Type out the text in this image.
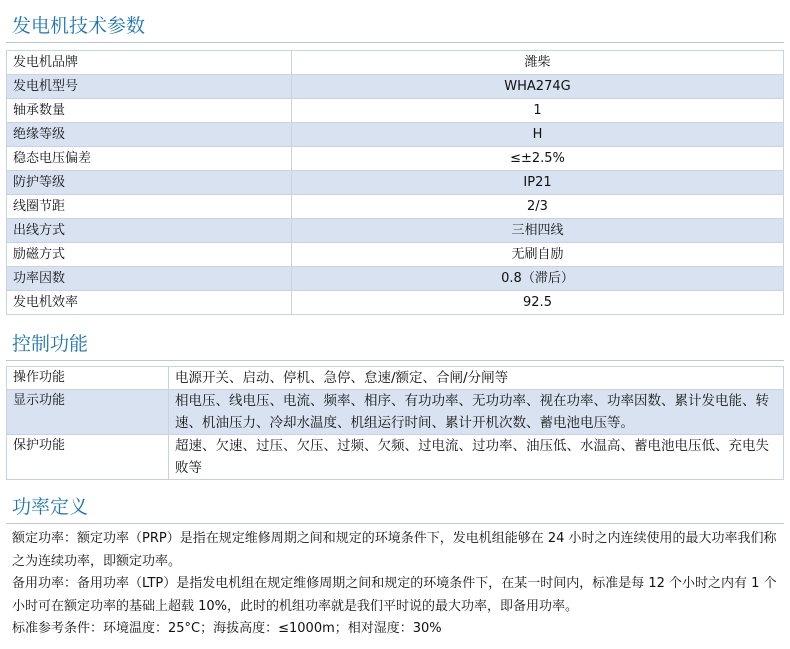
发电机技术参数
发电机品牌	潍柴
发电机型号	WHA274G
轴承数量	1
绝缘等级	H
稳态电压偏差	≤±2.5%
防护等级	IP21
线圈节距	2/3
出线方式	三相四线
励磁方式	无刷自励
功率因数	0.8（滞后）
发电机效率	92.5
控制功能
操作功能	电源开关、启动、停机、急停、怠速/额定、合闸/分闸等
显示功能	相电压、线电压、电流、频率、相序、有功功率、无功功率、视在功率、功率因数、累计发电能、转速、机油压力、冷却水温度、机组运行时间、累计开机次数、蓄电池电压等。
保护功能	超速、欠速、过压、欠压、过频、欠频、过电流、过功率、油压低、水温高、蓄电池电压低、充电失败等
功率定义

额定功率：额定功率（PRP）是指在规定维修周期之间和规定的环境条件下，发电机组能够在 24 小时之内连续使用的最大功率我们称之为连续功率，即额定功率。

备用功率：备用功率（LTP）是指发电机组在规定维修周期之间和规定的环境条件下，在某一时间内，标准是每 12 个小时之内有 1 个小时可在额定功率的基础上超载 10%，此时的机组功率就是我们平时说的最大功率，即备用功率。

标准参考条件：环境温度：25°C；海拔高度：≤1000m；相对湿度：30%
